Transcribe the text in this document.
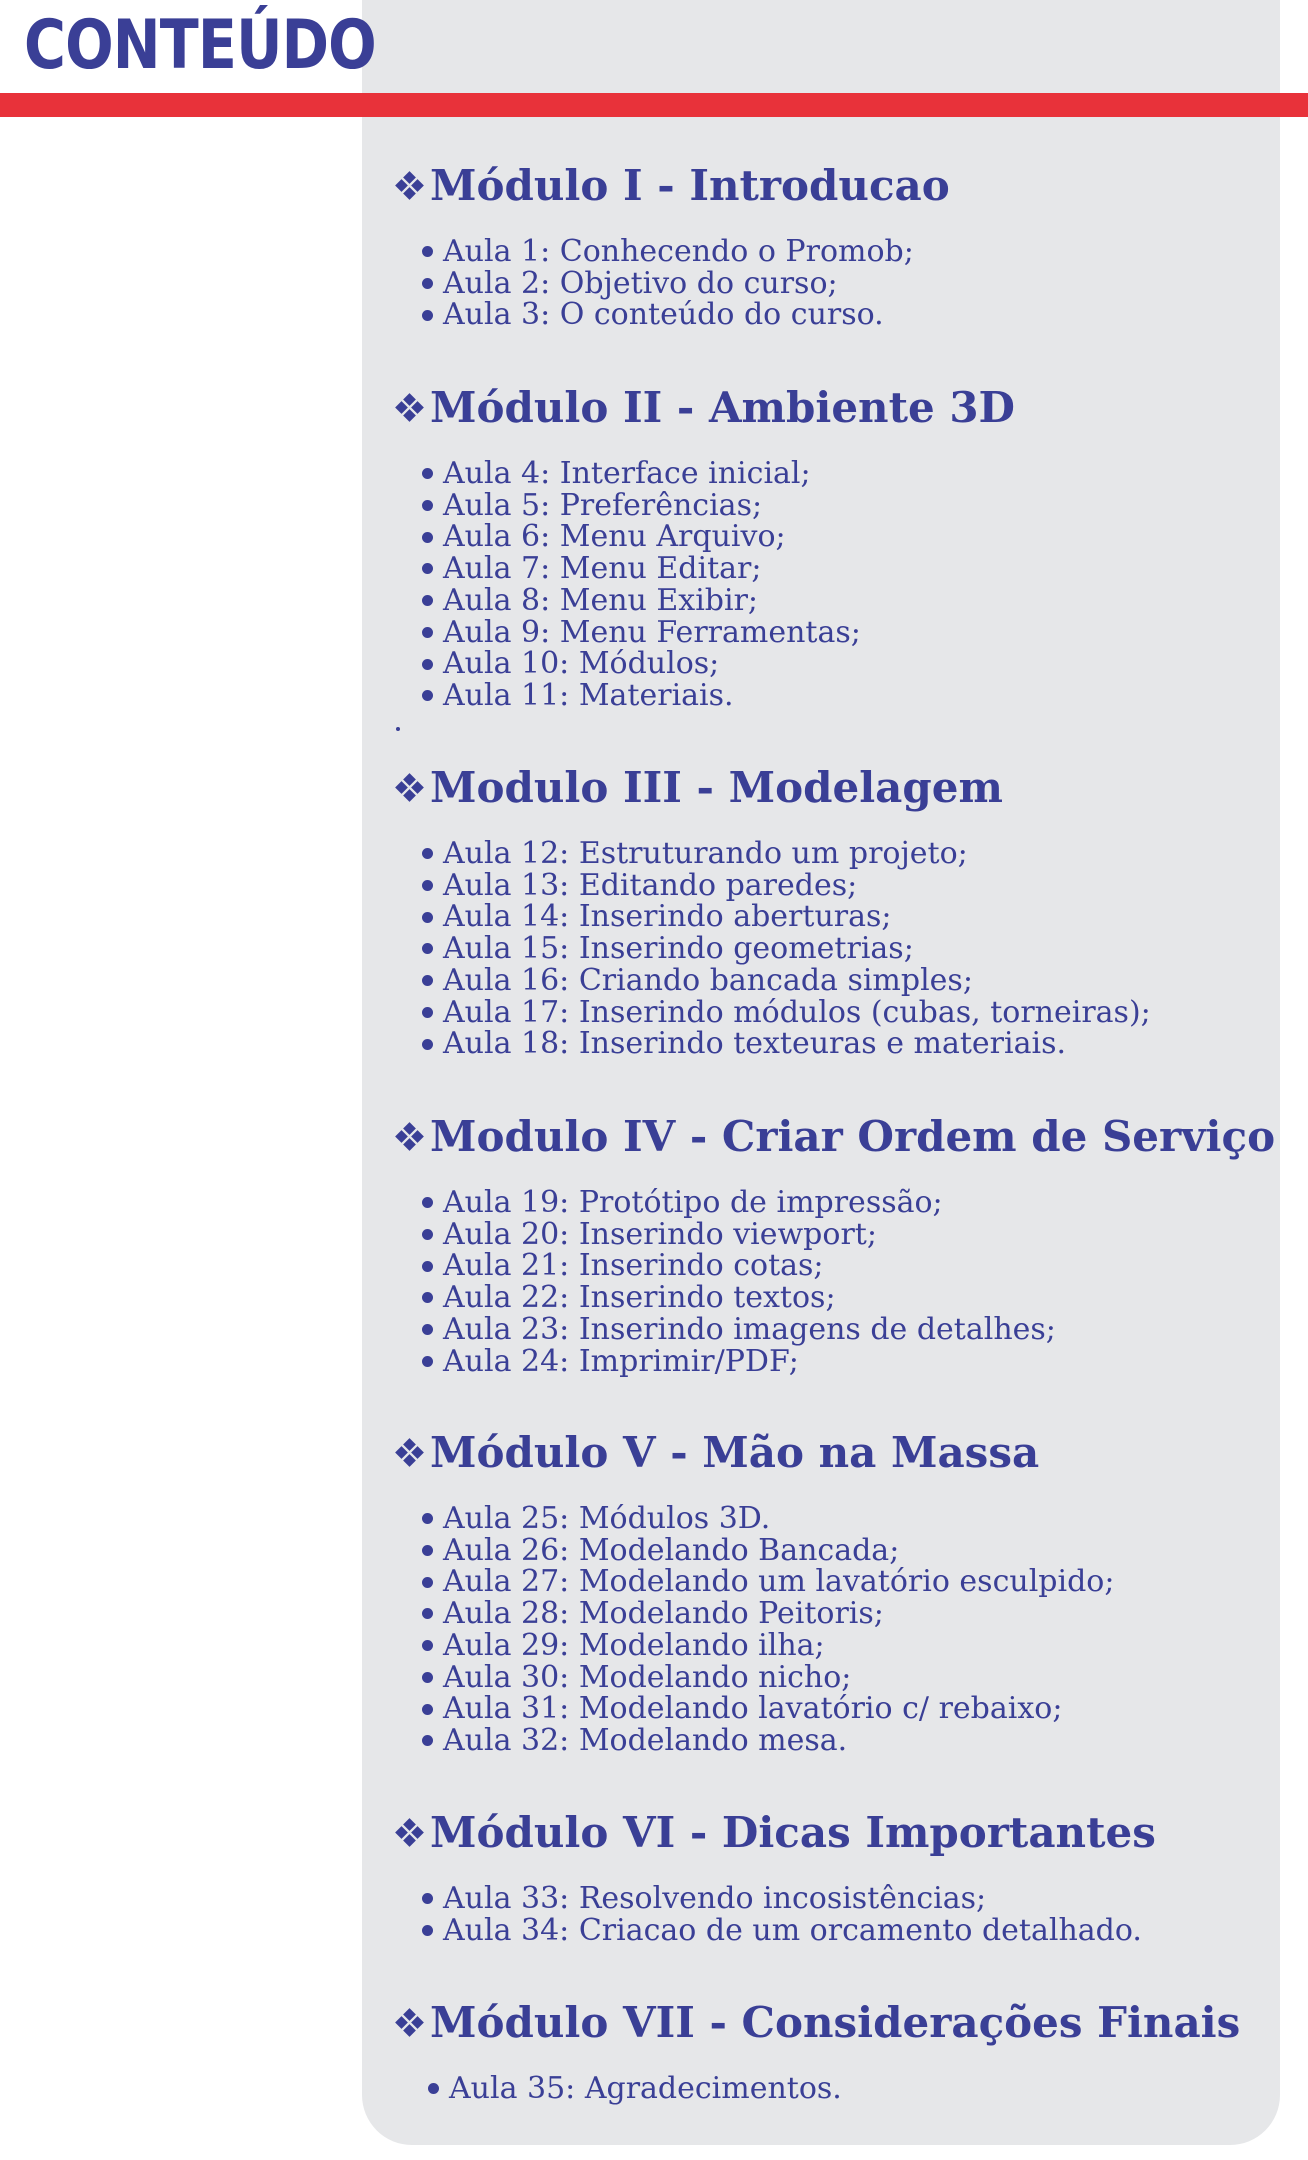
CONTEÚDO
Módulo I - Introducao
Aula 1: Conhecendo o Promob;
Aula 2: Objetivo do curso;
Aula 3: O conteúdo do curso.
Módulo II - Ambiente 3D
Aula 4: Interface inicial;
Aula 5: Preferências;
Aula 6: Menu Arquivo;
Aula 7: Menu Editar;
Aula 8: Menu Exibir;
Aula 9: Menu Ferramentas;
Aula 10: Módulos;
Aula 11: Materiais.
Modulo III - Modelagem
Aula 12: Estruturando um projeto;
Aula 13: Editando paredes;
Aula 14: Inserindo aberturas;
Aula 15: Inserindo geometrias;
Aula 16: Criando bancada simples;
Aula 17: Inserindo módulos (cubas, torneiras);
Aula 18: Inserindo texteuras e materiais.
Modulo IV - Criar Ordem de Serviço
Aula 19: Protótipo de impressão;
Aula 20: Inserindo viewport;
Aula 21: Inserindo cotas;
Aula 22: Inserindo textos;
Aula 23: Inserindo imagens de detalhes;
Aula 24: Imprimir/PDF;
Módulo V - Mão na Massa
Aula 25: Módulos 3D.
Aula 26: Modelando Bancada;
Aula 27: Modelando um lavatório esculpido;
Aula 28: Modelando Peitoris;
Aula 29: Modelando ilha;
Aula 30: Modelando nicho;
Aula 31: Modelando lavatório c/ rebaixo;
Aula 32: Modelando mesa.
Módulo VI - Dicas Importantes
Aula 33: Resolvendo incosistências;
Aula 34: Criacao de um orcamento detalhado.
Módulo VII - Considerações Finais
Aula 35: Agradecimentos.
